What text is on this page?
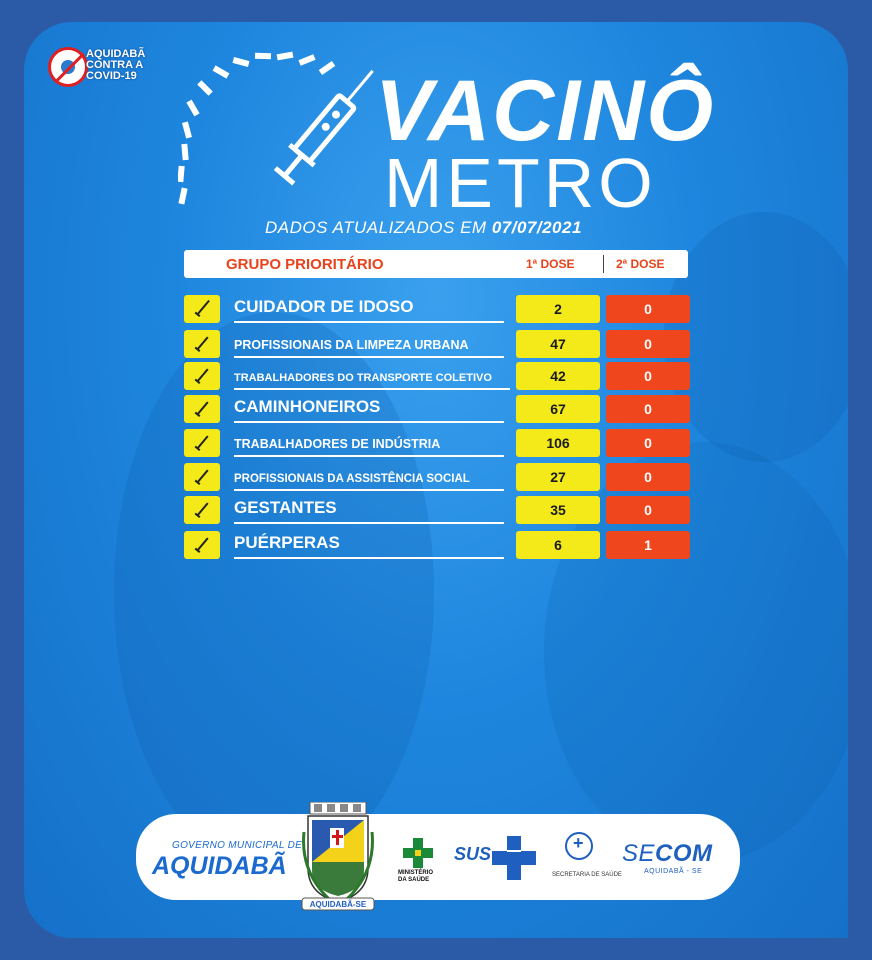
AQUIDABÃ CONTRA A COVID-19	VACINÔ
METRO
DADOS ATUALIZADOS EM 07/07/2021
GRUPO PRIORITÁRIO	1ª DOSE	2ª DOSE
CUIDADOR DE IDOSO	2	0
PROFISSIONAIS DA LIMPEZA URBANA	47	0
TRABALHADORES DO TRANSPORTE COLETIVO	42	0
CAMINHONEIROS	67	0
TRABALHADORES DE INDÚSTRIA	106	0
PROFISSIONAIS DA ASSISTÊNCIA SOCIAL	27	0
GESTANTES	35	0
PUÉRPERAS	6	1
GOVERNO MUNICIPAL DE
AQUIDABÃ	MINISTÉRIO DA SAÚDE
SUS
+
SECRETARIA DE SAÚDE
SECOM
AQUIDABÃ - SE
AQUIDABÃ-SE
